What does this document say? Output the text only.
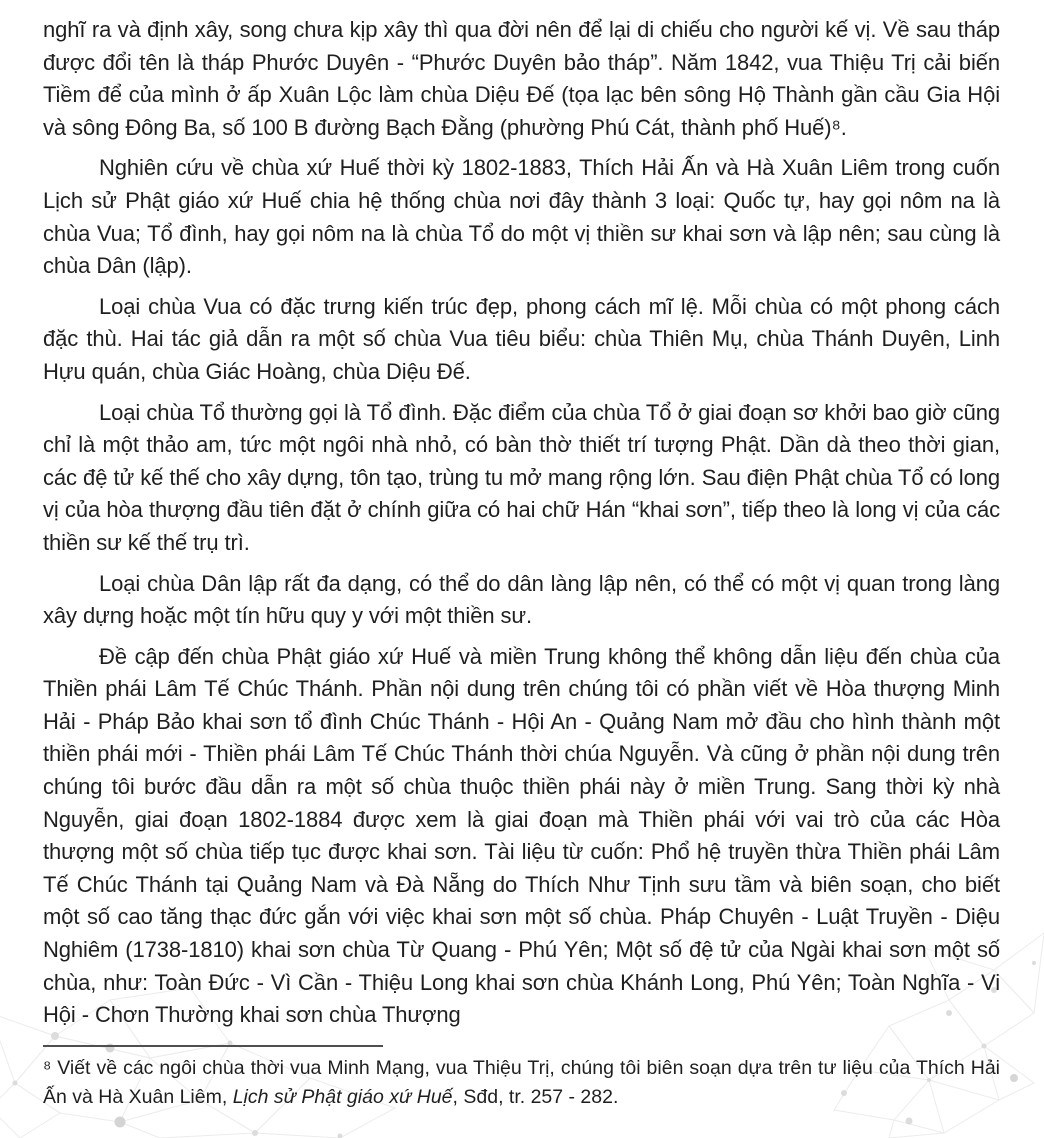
nghĩ ra và định xây, song chưa kịp xây thì qua đời nên để lại di chiếu cho người kế vị. Về sau tháp được đổi tên là tháp Phước Duyên - “Phước Duyên bảo tháp”. Năm 1842, vua Thiệu Trị cải biến Tiềm để của mình ở ấp Xuân Lộc làm chùa Diệu Đế (tọa lạc bên sông Hộ Thành gần cầu Gia Hội và sông Đông Ba, số 100 B đường Bạch Đằng (phường Phú Cát, thành phố Huế)⁸.

Nghiên cứu về chùa xứ Huế thời kỳ 1802-1883, Thích Hải Ấn và Hà Xuân Liêm trong cuốn Lịch sử Phật giáo xứ Huế chia hệ thống chùa nơi đây thành 3 loại: Quốc tự, hay gọi nôm na là chùa Vua; Tổ đình, hay gọi nôm na là chùa Tổ do một vị thiền sư khai sơn và lập nên; sau cùng là chùa Dân (lập).

Loại chùa Vua có đặc trưng kiến trúc đẹp, phong cách mĩ lệ. Mỗi chùa có một phong cách đặc thù. Hai tác giả dẫn ra một số chùa Vua tiêu biểu: chùa Thiên Mụ, chùa Thánh Duyên, Linh Hựu quán, chùa Giác Hoàng, chùa Diệu Đế.

Loại chùa Tổ thường gọi là Tổ đình. Đặc điểm của chùa Tổ ở giai đoạn sơ khởi bao giờ cũng chỉ là một thảo am, tức một ngôi nhà nhỏ, có bàn thờ thiết trí tượng Phật. Dần dà theo thời gian, các đệ tử kế thế cho xây dựng, tôn tạo, trùng tu mở mang rộng lớn. Sau điện Phật chùa Tổ có long vị của hòa thượng đầu tiên đặt ở chính giữa có hai chữ Hán “khai sơn”, tiếp theo là long vị của các thiền sư kế thế trụ trì.

Loại chùa Dân lập rất đa dạng, có thể do dân làng lập nên, có thể có một vị quan trong làng xây dựng hoặc một tín hữu quy y với một thiền sư.

Đề cập đến chùa Phật giáo xứ Huế và miền Trung không thể không dẫn liệu đến chùa của Thiền phái Lâm Tế Chúc Thánh. Phần nội dung trên chúng tôi có phần viết về Hòa thượng Minh Hải - Pháp Bảo khai sơn tổ đình Chúc Thánh - Hội An - Quảng Nam mở đầu cho hình thành một thiền phái mới - Thiền phái Lâm Tế Chúc Thánh thời chúa Nguyễn. Và cũng ở phần nội dung trên chúng tôi bước đầu dẫn ra một số chùa thuộc thiền phái này ở miền Trung. Sang thời kỳ nhà Nguyễn, giai đoạn 1802-1884 được xem là giai đoạn mà Thiền phái với vai trò của các Hòa thượng một số chùa tiếp tục được khai sơn. Tài liệu từ cuốn: Phổ hệ truyền thừa Thiền phái Lâm Tế Chúc Thánh tại Quảng Nam và Đà Nẵng do Thích Như Tịnh sưu tầm và biên soạn, cho biết một số cao tăng thạc đức gắn với việc khai sơn một số chùa. Pháp Chuyên - Luật Truyền - Diệu Nghiêm (1738-1810) khai sơn chùa Từ Quang - Phú Yên; Một số đệ tử của Ngài khai sơn một số chùa, như: Toàn Đức - Vì Cần - Thiệu Long khai sơn chùa Khánh Long, Phú Yên; Toàn Nghĩa - Vi Hội - Chơn Thường khai sơn chùa Thượng

⁸ Viết về các ngôi chùa thời vua Minh Mạng, vua Thiệu Trị, chúng tôi biên soạn dựa trên tư liệu của Thích Hải Ấn và Hà Xuân Liêm, Lịch sử Phật giáo xứ Huế, Sđd, tr. 257 - 282.
